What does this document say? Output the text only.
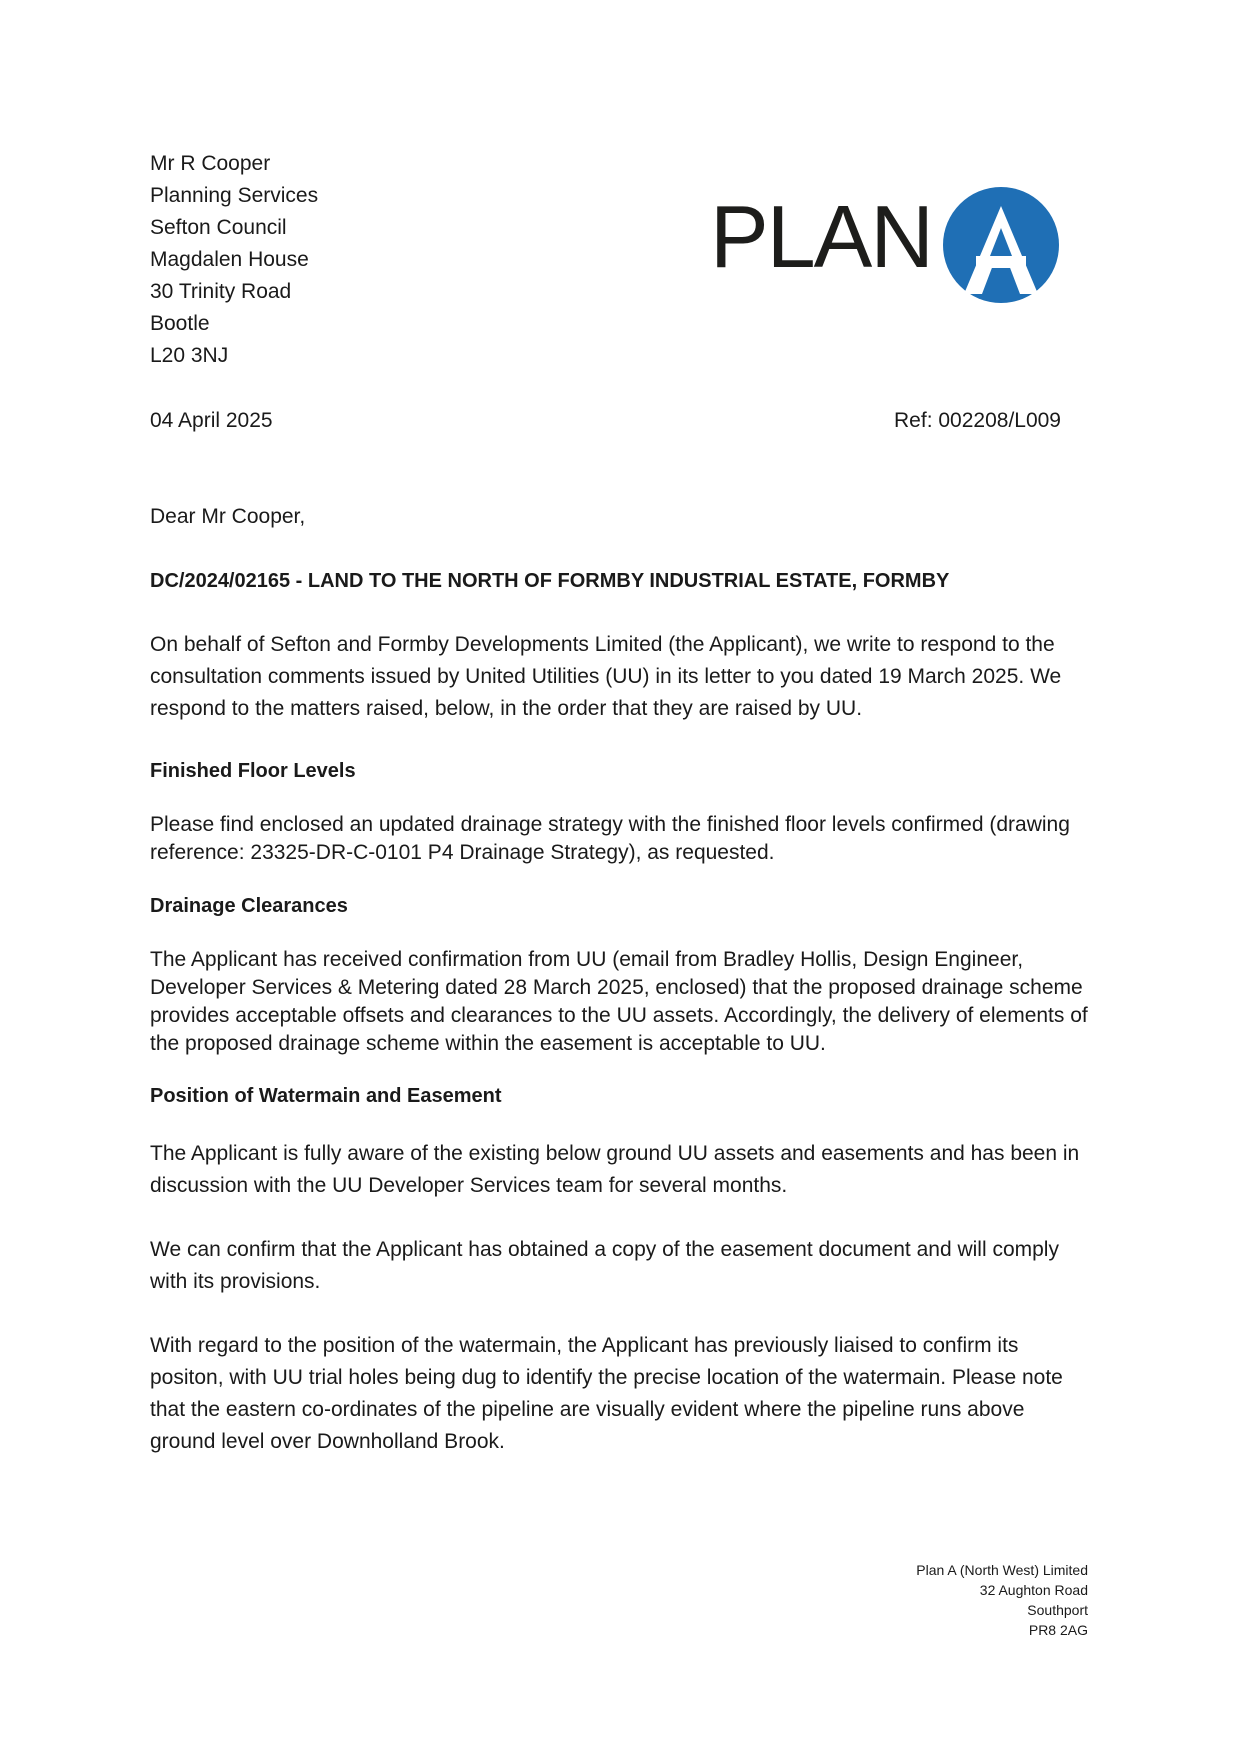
Mr R Cooper
Planning Services
Sefton Council
Magdalen House
30 Trinity Road
Bootle
L20 3NJ
PLAN
04 April 2025	Ref: 002208/L009
Dear Mr Cooper,
DC/2024/02165 - LAND TO THE NORTH OF FORMBY INDUSTRIAL ESTATE, FORMBY
On behalf of Sefton and Formby Developments Limited (the Applicant), we write to respond to the consultation comments issued by United Utilities (UU) in its letter to you dated 19 March 2025. We respond to the matters raised, below, in the order that they are raised by UU.
Finished Floor Levels
Please find enclosed an updated drainage strategy with the finished floor levels confirmed (drawing reference: 23325-DR-C-0101 P4 Drainage Strategy), as requested.
Drainage Clearances
The Applicant has received confirmation from UU (email from Bradley Hollis, Design Engineer, Developer Services & Metering dated 28 March 2025, enclosed) that the proposed drainage scheme provides acceptable offsets and clearances to the UU assets. Accordingly, the delivery of elements of the proposed drainage scheme within the easement is acceptable to UU.
Position of Watermain and Easement
The Applicant is fully aware of the existing below ground UU assets and easements and has been in discussion with the UU Developer Services team for several months.
We can confirm that the Applicant has obtained a copy of the easement document and will comply with its provisions.
With regard to the position of the watermain, the Applicant has previously liaised to confirm its positon, with UU trial holes being dug to identify the precise location of the watermain. Please note that the eastern co-ordinates of the pipeline are visually evident where the pipeline runs above ground level over Downholland Brook.
Plan A (North West) Limited
32 Aughton Road
Southport
PR8 2AG
